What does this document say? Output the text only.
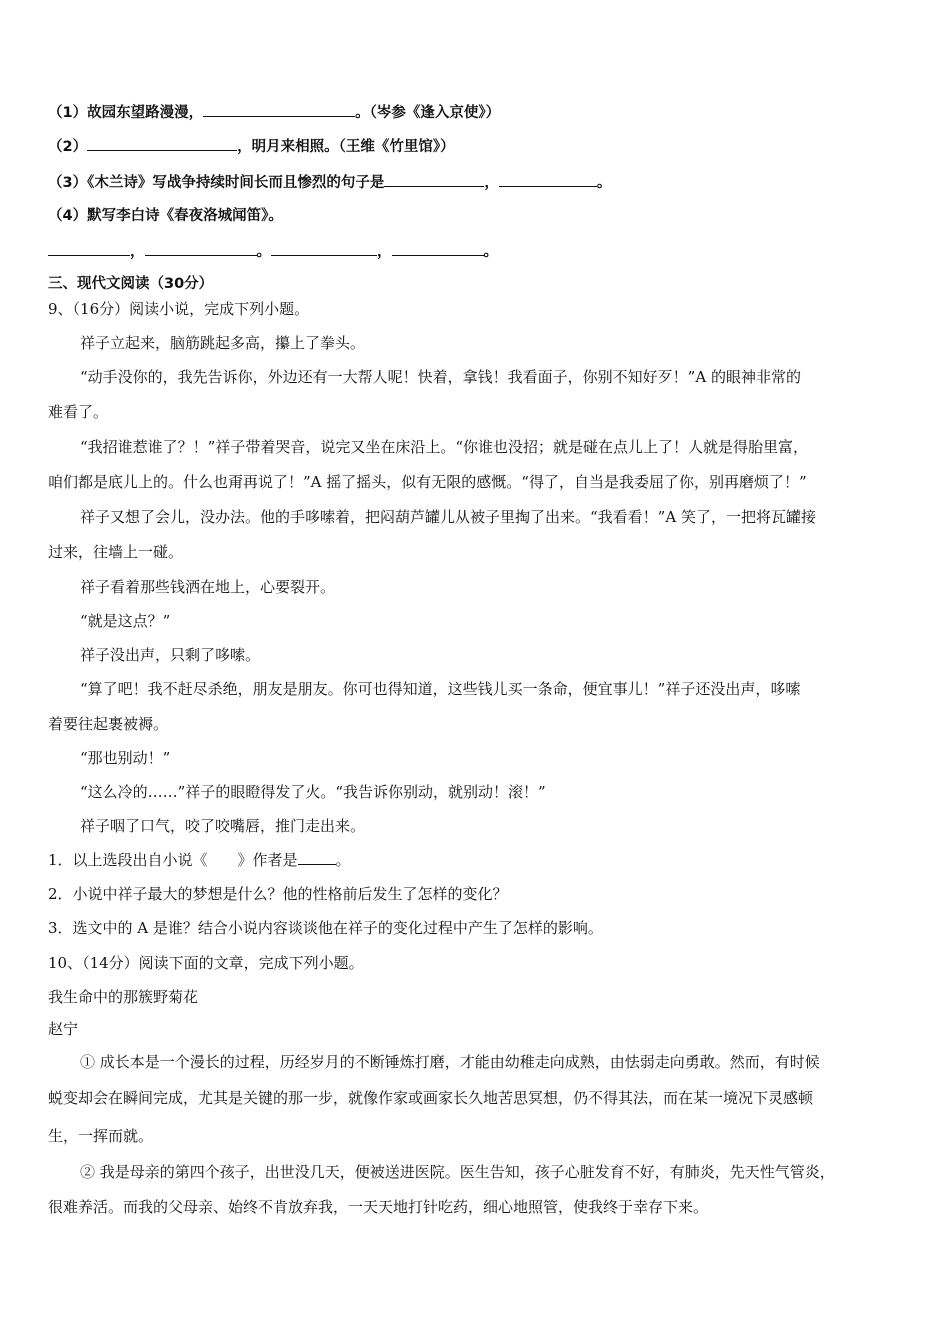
（1）故园东望路漫漫，	。（岑参《逢入京使》）
（2）	，明月来相照。（王维《竹里馆》）
（3）《木兰诗》写战争持续时间长而且惨烈的句子是	，	。
（4）默写李白诗《春夜洛城闻笛》。
，	。	，	。
三、现代文阅读（30分）
9、（16分）阅读小说，完成下列小题。
祥子立起来，脑筋跳起多高，攥上了拳头。
“动手没你的，我先告诉你，外边还有一大帮人呢！快着，拿钱！我看面子，你别不知好歹！”A 的眼神非常的
难看了。
“我招谁惹谁了？！”祥子带着哭音，说完又坐在床沿上。“你谁也没招；就是碰在点儿上了！人就是得胎里富，
咱们都是底儿上的。什么也甭再说了！”A 摇了摇头，似有无限的感慨。“得了，自当是我委屈了你，别再磨烦了！”
祥子又想了会儿，没办法。他的手哆嗦着，把闷葫芦罐儿从被子里掏了出来。“我看看！”A 笑了，一把将瓦罐接
过来，往墙上一碰。
祥子看着那些钱洒在地上，心要裂开。
“就是这点？”
祥子没出声，只剩了哆嗦。
“算了吧！我不赶尽杀绝，朋友是朋友。你可也得知道，这些钱儿买一条命，便宜事儿！”祥子还没出声，哆嗦
着要往起裹被褥。
“那也别动！”
“这么冷的……”祥子的眼瞪得发了火。“我告诉你别动，就别动！滚！”
祥子咽了口气，咬了咬嘴唇，推门走出来。
1．以上选段出自小说《　　》作者是	。
2．小说中祥子最大的梦想是什么？他的性格前后发生了怎样的变化？
3．选文中的 A 是谁？结合小说内容谈谈他在祥子的变化过程中产生了怎样的影响。
10、（14分）阅读下面的文章，完成下列小题。
我生命中的那簇野菊花
赵宁
① 成长本是一个漫长的过程，历经岁月的不断锤炼打磨，才能由幼稚走向成熟，由怯弱走向勇敢。然而，有时候
蜕变却会在瞬间完成，尤其是关键的那一步，就像作家或画家长久地苦思冥想，仍不得其法，而在某一境况下灵感顿
生，一挥而就。
② 我是母亲的第四个孩子，出世没几天，便被送进医院。医生告知，孩子心脏发育不好，有肺炎，先天性气管炎，
很难养活。而我的父母亲、始终不肯放弃我，一天天地打针吃药，细心地照管，使我终于幸存下来。
